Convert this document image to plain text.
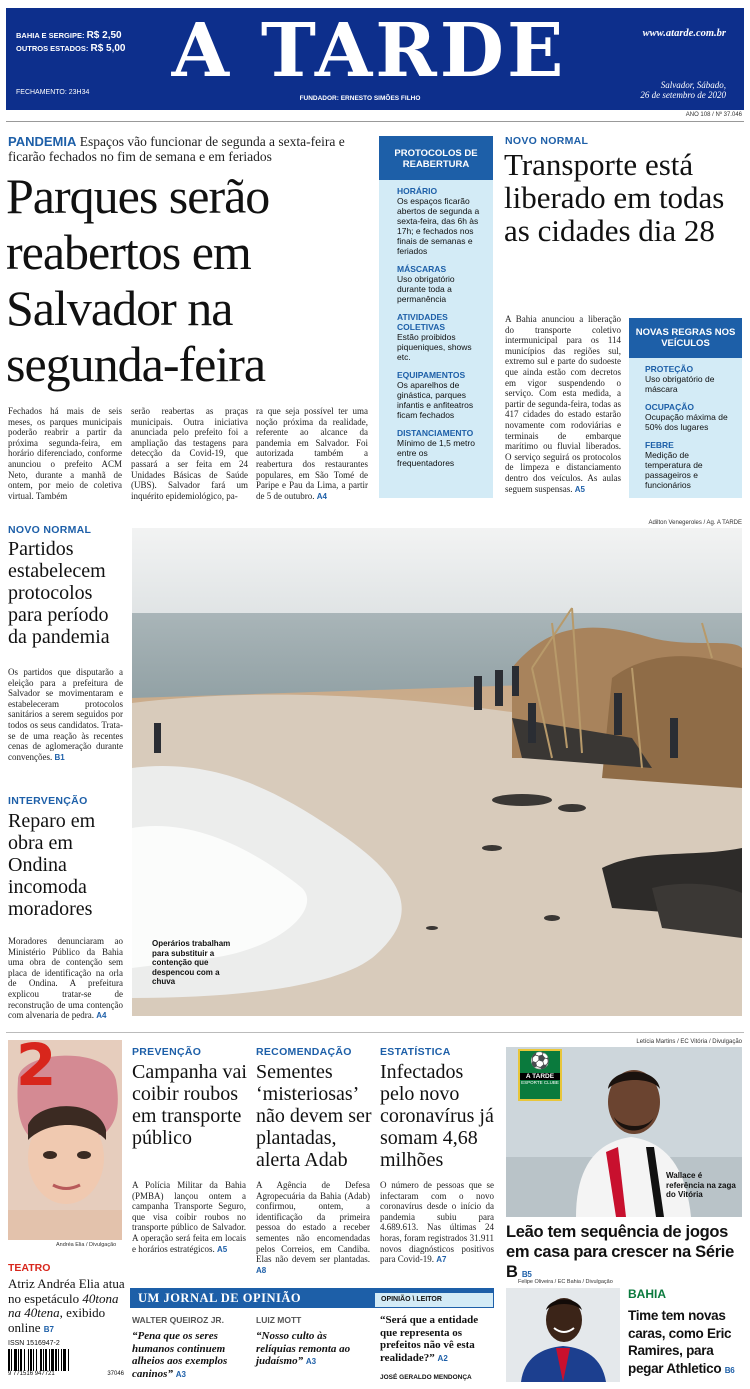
BAHIA E SERGIPE: R$ 2,50
OUTROS ESTADOS: R$ 5,00
FECHAMENTO: 23H34	A TARDE
FUNDADOR: ERNESTO SIMÕES FILHO
www.atarde.com.br
Salvador, Sábado,
26 de setembro de 2020
ANO 108 / Nº 37.046
PANDEMIA Espaços vão funcionar de segunda a sexta-feira e ficarão fechados no fim de semana e em feriados
Parques serão reabertos em Salvador na segunda-feira
Fechados há mais de seis meses, os parques municipais poderão reabrir a partir da próxima segunda-feira, em horário diferenciado, conforme anunciou o prefeito ACM Neto, durante a manhã de ontem, por meio de coletiva virtual. Também
serão reabertas as praças municipais. Outra iniciativa anunciada pelo prefeito foi a ampliação das testagens para detecção da Covid-19, que passará a ser feita em 24 Unidades Básicas de Saúde (UBS). Salvador fará um inquérito epidemiológico, pa-
ra que seja possível ter uma noção próxima da realidade, referente ao alcance da pandemia em Salvador. Foi autorizada também a reabertura dos restaurantes populares, em São Tomé de Paripe e Pau da Lima, a partir de 5 de outubro. A4
PROTOCOLOS DE REABERTURA
HORÁRIO
Os espaços ficarão abertos de segunda a sexta-feira, das 6h às 17h; e fechados nos finais de semanas e feriados
MÁSCARAS
Uso obrigatório durante toda a permanência
ATIVIDADES COLETIVAS
Estão proibidos piqueniques, shows etc.
EQUIPAMENTOS
Os aparelhos de ginástica, parques infantis e anfiteatros ficam fechados
DISTANCIAMENTO
Mínimo de 1,5 metro entre os frequentadores
NOVO NORMAL
Transporte está liberado em todas as cidades dia 28
A Bahia anunciou a liberação do transporte coletivo intermunicipal para os 114 municípios das regiões sul, extremo sul e parte do sudoeste que ainda estão com decretos em vigor suspendendo o serviço. Com esta medida, a partir de segunda-feira, todas as 417 cidades do estado estarão novamente com rodoviárias e terminais de embarque marítimo ou fluvial liberados. O serviço seguirá os protocolos de limpeza e distanciamento dentro dos veículos. As aulas seguem suspensas. A5
NOVAS REGRAS NOS VEÍCULOS
PROTEÇÃO
Uso obrigatório de máscara
OCUPAÇÃO
Ocupação máxima de 50% dos lugares
FEBRE
Medição de temperatura de passageiros e funcionários
NOVO NORMAL
Partidos estabelecem protocolos para período da pandemia
Os partidos que disputarão a eleição para a prefeitura de Salvador se movimentaram e estabeleceram protocolos sanitários a serem seguidos por todos os seus candidatos. Trata-se de uma reação às recentes cenas de aglomeração durante convenções. B1
INTERVENÇÃO
Reparo em obra em Ondina incomoda moradores
Moradores denunciaram ao Ministério Público da Bahia uma obra de contenção sem placa de identificação na orla de Ondina. A prefeitura explicou tratar-se de reconstrução de uma contenção com alvenaria de pedra. A4
Adilton Venegeroles / Ag. A TARDE
Operários trabalham para substituir a contenção que despencou com a chuva
2
Andréa Elia / Divulgação
TEATRO
Atriz Andréa Elia atua no espetáculo 40tona na 40tena, exibido online B7
ISSN 1516947-2
9 771516 947721	37046
PREVENÇÃO
Campanha vai coibir roubos em transporte público
A Polícia Militar da Bahia (PMBA) lançou ontem a campanha Transporte Seguro, que visa coibir roubos no transporte público de Salvador. A operação será feita em locais e horários estratégicos. A5
RECOMENDAÇÃO
Sementes ‘misteriosas’ não devem ser plantadas, alerta Adab
A Agência de Defesa Agropecuária da Bahia (Adab) confirmou, ontem, a identificação da primeira pessoa do estado a receber sementes não encomendadas pelos Correios, em Candiba. Elas não devem ser plantadas. A8
ESTATÍSTICA
Infectados pelo novo coronavírus já somam 4,68 milhões
O número de pessoas que se infectaram com o novo coronavírus desde o início da pandemia subiu para 4.689.613. Nas últimas 24 horas, foram registrados 31.911 novos diagnósticos positivos para Covid-19. A7
Letícia Martins / EC Vitória / Divulgação
⚽
A TARDE
ESPORTE CLUBE
Wallace é referência na zaga do Vitória
Leão tem sequência de jogos em casa para crescer na Série B B5
UM JORNAL DE OPINIÃO	OPINIÃO \ LEITOR
WALTER QUEIROZ JR.
“Pena que os seres humanos continuem alheios aos exemplos caninos” A3
LUIZ MOTT
“Nosso culto às relíquias remonta ao judaísmo” A3
“Será que a entidade que representa os prefeitos não vê esta realidade?” A2
JOSÉ GERALDO MENDONÇA
Felipe Oliveira / EC Bahia / Divulgação
BAHIA
Time tem novas caras, como Eric Ramires, para pegar Athletico B6
